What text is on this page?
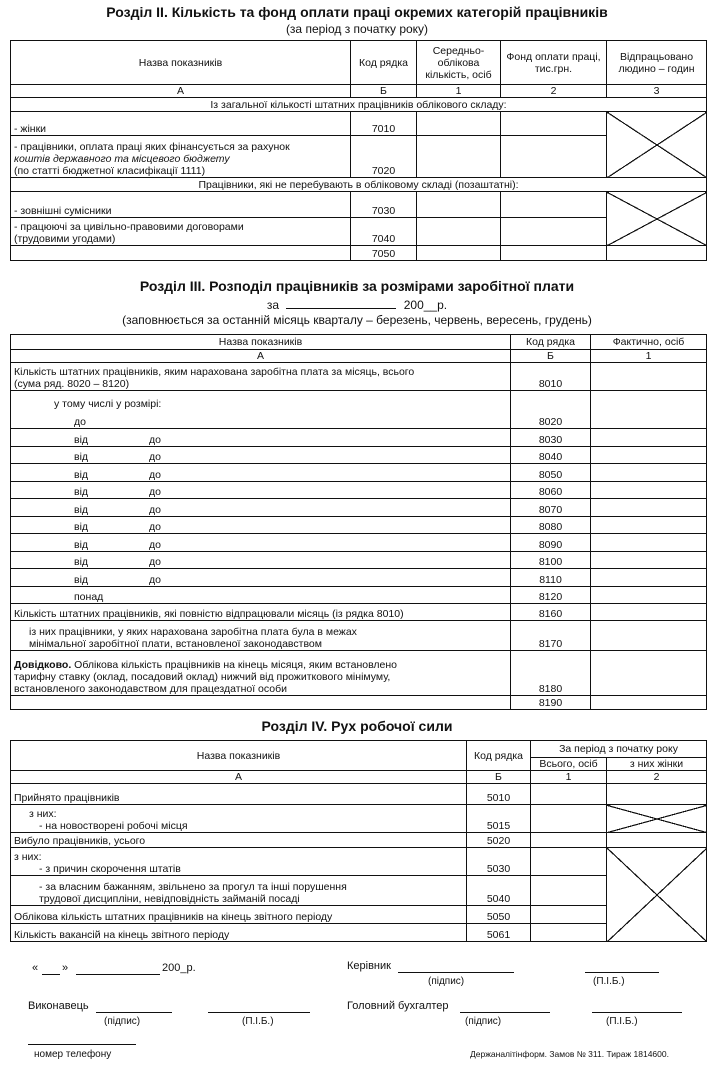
Розділ ІІ. Кількість та фонд оплати праці окремих категорій працівників
(за період з початку року)
Назва показників	Код рядка	Середньо-облікова кількість, осіб	Фонд оплати праці, тис.грн.	Відпрацьовано людино – годин
А	Б	1	2	3
Із загальної кількості штатних працівників облікового складу:				
- жінки	7010			

- працівники, оплата праці яких фінансується за рахунок
коштів державного та місцевого бюджету
(по статті бюджетної класифікації 1111)	7020			
Працівники, які не перебувають в обліковому складі (позаштатні):				
- зовнішні сумісники	7030			

- працюючі за цивільно-правовими договорами
(трудовими угодами)	7040			
	7050			
Розділ ІІІ. Розподіл працівників за розмірами заробітної плати
за	200__р.
(заповнюється за останній місяць кварталу – березень, червень, вересень, грудень)
Назва показників	Код рядка	Фактично, осіб
А	Б	1

Кількість штатних працівників, яким нарахована заробітна плата за місяць, всього
(сума ряд. 8020 – 8120)	8010	

у тому числі у розмірі:
до	8020	
від до	8030	
від до	8040	
від до	8050	
від до	8060	
від до	8070	
від до	8080	
від до	8090	
від до	8100	
від до	8110	
понад	8120	
Кількість штатних працівників, які повністю відпрацювали місяць (із рядка 8010)	8160	

із них працівники, у яких нарахована заробітна плата була в межах
мінімальної заробітної плати, встановленої законодавством	8170	

Довідково. Облікова кількість працівників на кінець місяця, яким встановлено
тарифну ставку (оклад, посадовий оклад) нижчий від прожиткового мінімуму,
встановленого законодавством для працездатної особи	8180	
	8190	
Розділ IV. Рух робочої сили
Назва показників	Код рядка	За період з початку року	
		Всього, осіб	з них жінки
А	Б	1	2
Прийнято працівників	5010		

з них:
- на новостворені робочі місця	5015		
Вибуло працівників, усього	5020		

з них:
- з причин скорочення штатів	5030		

- за власним бажанням, звільнено за прогул та інші порушення
трудової дисципліни, невідповідність займаній посаді	5040		
Облікова кількість штатних працівників на кінець звітного періоду	5050		
Кількість вакансій на кінець звітного періоду	5061		
« »	200_р.	Керівник
(підпис)	(П.І.Б.)
Виконавець
(підпис)	(П.І.Б.)
Головний бухгалтер
(підпис)	(П.І.Б.)
номер телефону	Держаналітінформ. Замов № 311. Тираж 1814600.
